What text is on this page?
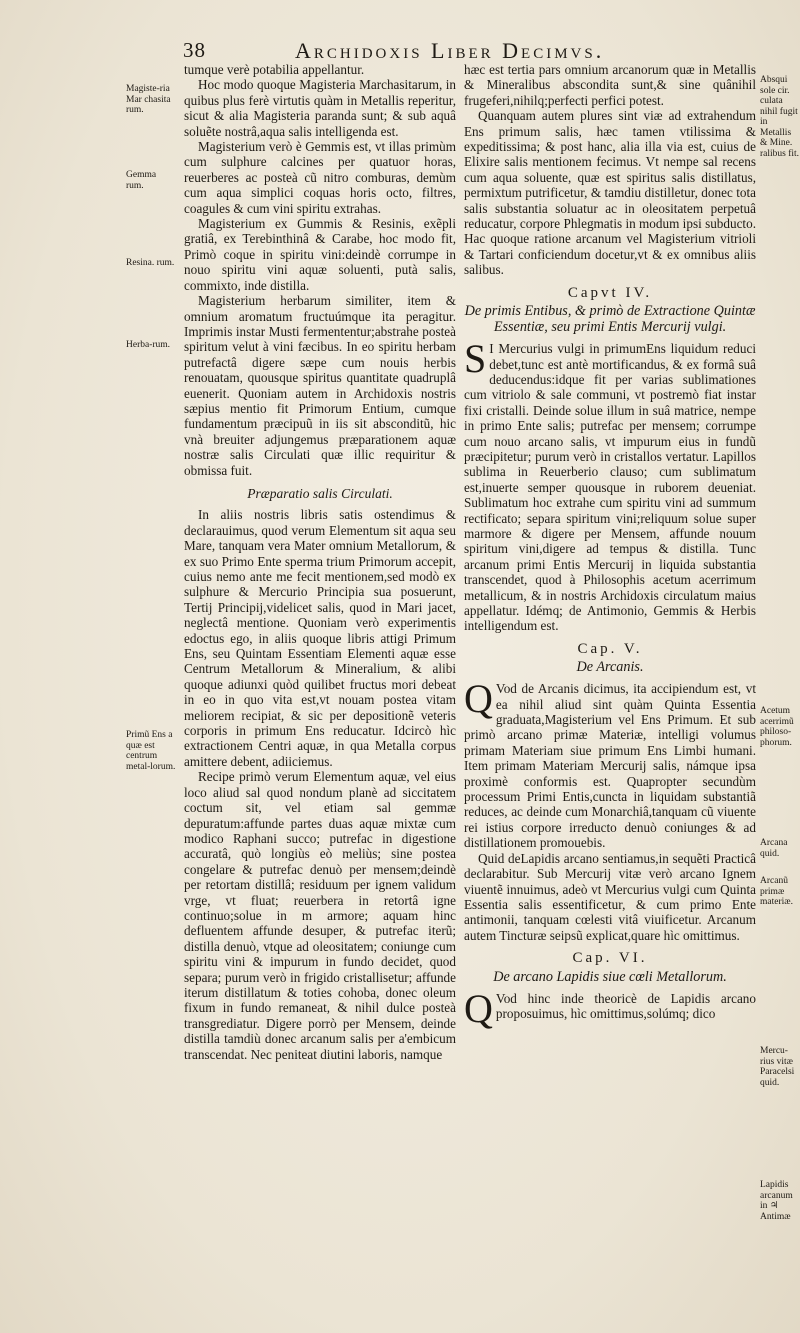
38	Archidoxis Liber Decimvs.
Magiste-ria Mar chasita rum.
Gemma rum.
Resina. rum.
Herba-rum.
Primũ Ens a quæ est centrum metal-lorum.
Absqui sole cir. culata nihil fugit in Metallis & Mine. ralibus fit.
Acetum acerrimũ philoso-phorum.
Arcana quid.
Arcanũ primæ materiæ.
Mercu-rius vitæ Paracelsi quid.
Lapidis arcanum in ♃ Antimæ

tumque verè potabilia appellantur.

Hoc modo quoque Magisteria Marchasitarum, in quibus plus ferè virtutis quàm in Metallis reperitur, sicut & alia Magisteria paranda sunt; & sub aquâ soluẽte nostrâ,aqua salis intelligenda est.

Magisterium verò è Gemmis est, vt illas primùm cum sulphure calcines per quatuor horas, reuerberes ac posteà cũ nitro comburas, demùm cum aqua simplici coquas horis octo, filtres, coagules & cum vini spiritu extrahas.

Magisterium ex Gummis & Resinis, exẽpli gratiâ, ex Terebinthinâ & Carabe, hoc modo fit, Primò coque in spiritu vini:deindè corrumpe in nouo spiritu vini aquæ soluenti, putà salis, commixto, inde distilla.

Magisterium herbarum similiter, item & omnium aromatum fructuúmque ita peragitur. Imprimis instar Musti fermententur;abstrahe posteà spiritum velut à vini fæcibus. In eo spiritu herbam putrefactâ digere sæpe cum nouis herbis renouatam, quousque spiritus quantitate quadruplâ euenerit. Quoniam autem in Archidoxis nostris sæpius mentio fit Primorum Entium, cumque fundamentum præcipuũ in iis sit absconditũ, hic vnà breuiter adjungemus præparationem aquæ nostræ salis Circulati quæ illic requiritur & obmissa fuit.

Præparatio salis Circulati.

In aliis nostris libris satis ostendimus & declarauimus, quod verum Elementum sit aqua seu Mare, tanquam vera Mater omnium Metallorum, & ex suo Primo Ente sperma trium Primorum accepit, cuius nemo ante me fecit mentionem,sed modò ex sulphure & Mercurio Principia sua posuerunt, Tertij Principij,videlicet salis, quod in Mari jacet, neglectâ mentione. Quoniam verò experimentis edoctus ego, in aliis quoque libris attigi Primum Ens, seu Quintam Essentiam Elementi aquæ esse Centrum Metallorum & Mineralium, & alibi quoque adiunxi quòd quilibet fructus mori debeat in eo in quo vita est,vt nouam postea vitam meliorem recipiat, & sic per depositionẽ veteris corporis in primum Ens reducatur. Idcircò hìc extractionem Centri aquæ, in qua Metalla corpus amittere debent, adiiciemus.

Recipe primò verum Elementum aquæ, vel eius loco aliud sal quod nondum planè ad siccitatem coctum sit, vel etiam sal gemmæ depuratum:affunde partes duas aquæ mixtæ cum modico Raphani succo; putrefac in digestione accuratâ, quò longiùs eò meliùs; sine postea congelare & putrefac denuò per mensem;deindè per retortam distillâ; residuum per ignem validum vrge, vt fluat; reuerbera in retortâ igne continuo;solue in m armore; aquam hinc defluentem affunde desuper, & putrefac iterũ; distilla denuò, vtque ad oleositatem; coniunge cum spiritu vini & impurum in fundo decidet, quod separa; purum verò in frigido cristallisetur; affunde iterum distillatum & toties cohoba, donec oleum fixum in fundo remaneat, & nihil dulce posteà transgrediatur. Digere porrò per Mensem, deinde distilla tamdiù donec arcanum salis per a'embicum transcendat. Nec peniteat diutini laboris, namque

hæc est tertia pars omnium arcanorum quæ in Metallis & Mineralibus abscondita sunt,& sine quânihil frugeferi,nihilq;perfecti perfici potest.

Quanquam autem plures sint viæ ad extrahendum Ens primum salis, hæc tamen vtilissima & expeditissima; & post hanc, alia illa via est, cuius de Elixire salis mentionem fecimus. Vt nempe sal recens cum aqua soluente, quæ est spiritus salis distillatus, permixtum putrificetur, & tamdiu distilletur, donec tota salis substantia soluatur ac in oleositatem perpetuâ reducatur, corpore Phlegmatis in modum ipsi subducto. Hac quoque ratione arcanum vel Magisterium vitrioli & Tartari conficiendum docetur,vt & ex omnibus aliis salibus.

Capvt IV.
De primis Entibus, & primò de Extractione Quintæ Essentiæ, seu primi Entis Mercurij vulgi.

S I Mercurius vulgi in primumEns liquidum reduci debet,tunc est antè mortificandus, & ex formâ suâ deducendus:idque fit per varias sublimationes cum vitriolo & sale communi, vt postremò fiat instar fixi cristalli. Deinde solue illum in suâ matrice, nempe in primo Ente salis; putrefac per mensem; corrumpe cum nouo arcano salis, vt impurum eius in fundũ præcipitetur; purum verò in cristallos vertatur. Lapillos sublima in Reuerberio clauso; cum sublimatum est,inuerte semper quousque in ruborem deueniat. Sublimatum hoc extrahe cum spiritu vini ad summum rectificato; separa spiritum vini;reliquum solue super marmore & digere per Mensem, affunde nouum spiritum vini,digere ad tempus & distilla. Tunc arcanum primi Entis Mercurij in liquida substantia transcendet, quod à Philosophis acetum acerrimum metallicum, & in nostris Archidoxis circulatum maius appellatur. Idémq; de Antimonio, Gemmis & Herbis intelligendum est.

Cap. V.
De Arcanis.

Q Vod de Arcanis dicimus, ita accipiendum est, vt ea nihil aliud sint quàm Quinta Essentia graduata,Magisterium vel Ens Primum. Et sub primò arcano primæ Materiæ, intelligi volumus primam Materiam siue primum Ens Limbi humani. Item primam Materiam Mercurij salis, námque ipsa proximè conformis est. Quapropter secundùm processum Primi Entis,cuncta in liquidam substantiã reduces, ac deinde cum Monarchiâ,tanquam cũ viuente rei istius corpore irreducto denuò coniunges & ad distillationem promouebis.

Quid deLapidis arcano sentiamus,in sequẽti Practicâ declarabitur. Sub Mercurij vitæ verò arcano Ignem viuentẽ innuimus, adeò vt Mercurius vulgi cum Quinta Essentia salis essentificetur, & cum primo Ente antimonii, tanquam cœlesti vitâ viuificetur. Arcanum autem Tincturæ seipsũ explicat,quare hìc omittimus.

Cap. VI.
De arcano Lapidis siue cœli Metallorum.

Q Vod hinc inde theoricè de Lapidis arcano proposuimus, hìc omittimus,solúmq; dico
